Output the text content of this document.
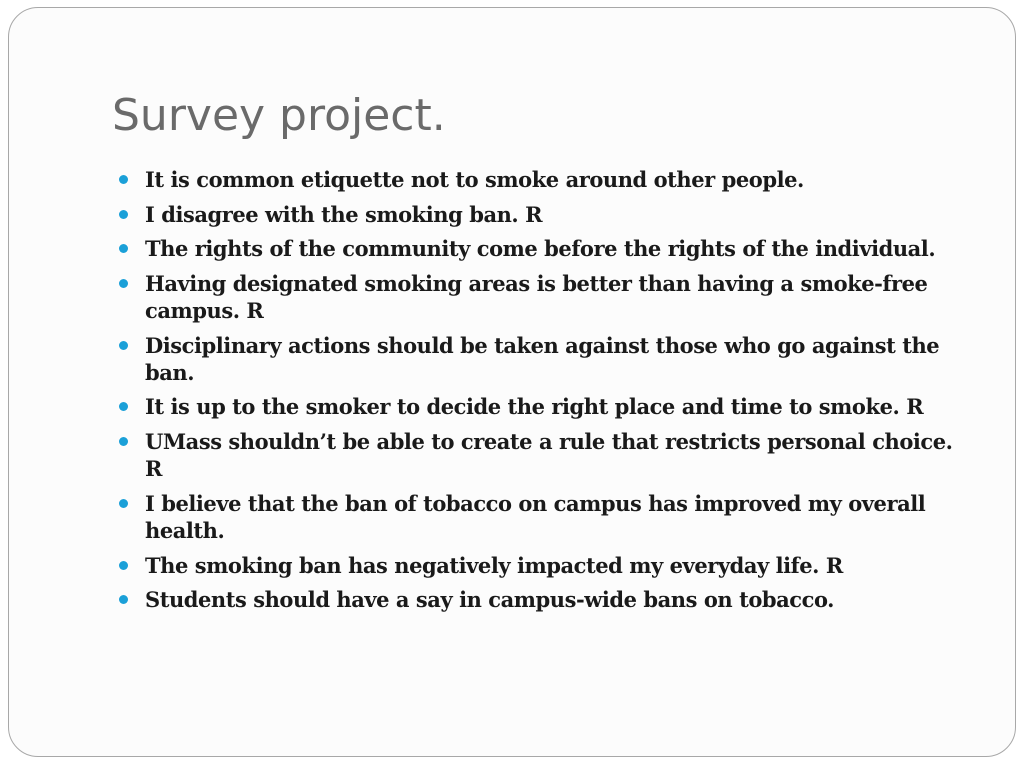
Survey project.
It is common etiquette not to smoke around other people.
I disagree with the smoking ban. R
The rights of the community come before the rights of the individual.
Having designated smoking areas is better than having a smoke-free campus. R
Disciplinary actions should be taken against those who go against the ban.
It is up to the smoker to decide the right place and time to smoke. R
UMass shouldn’t be able to create a rule that restricts personal choice. R
I believe that the ban of tobacco on campus has improved my overall health.
The smoking ban has negatively impacted my everyday life. R
Students should have a say in campus-wide bans on tobacco.
